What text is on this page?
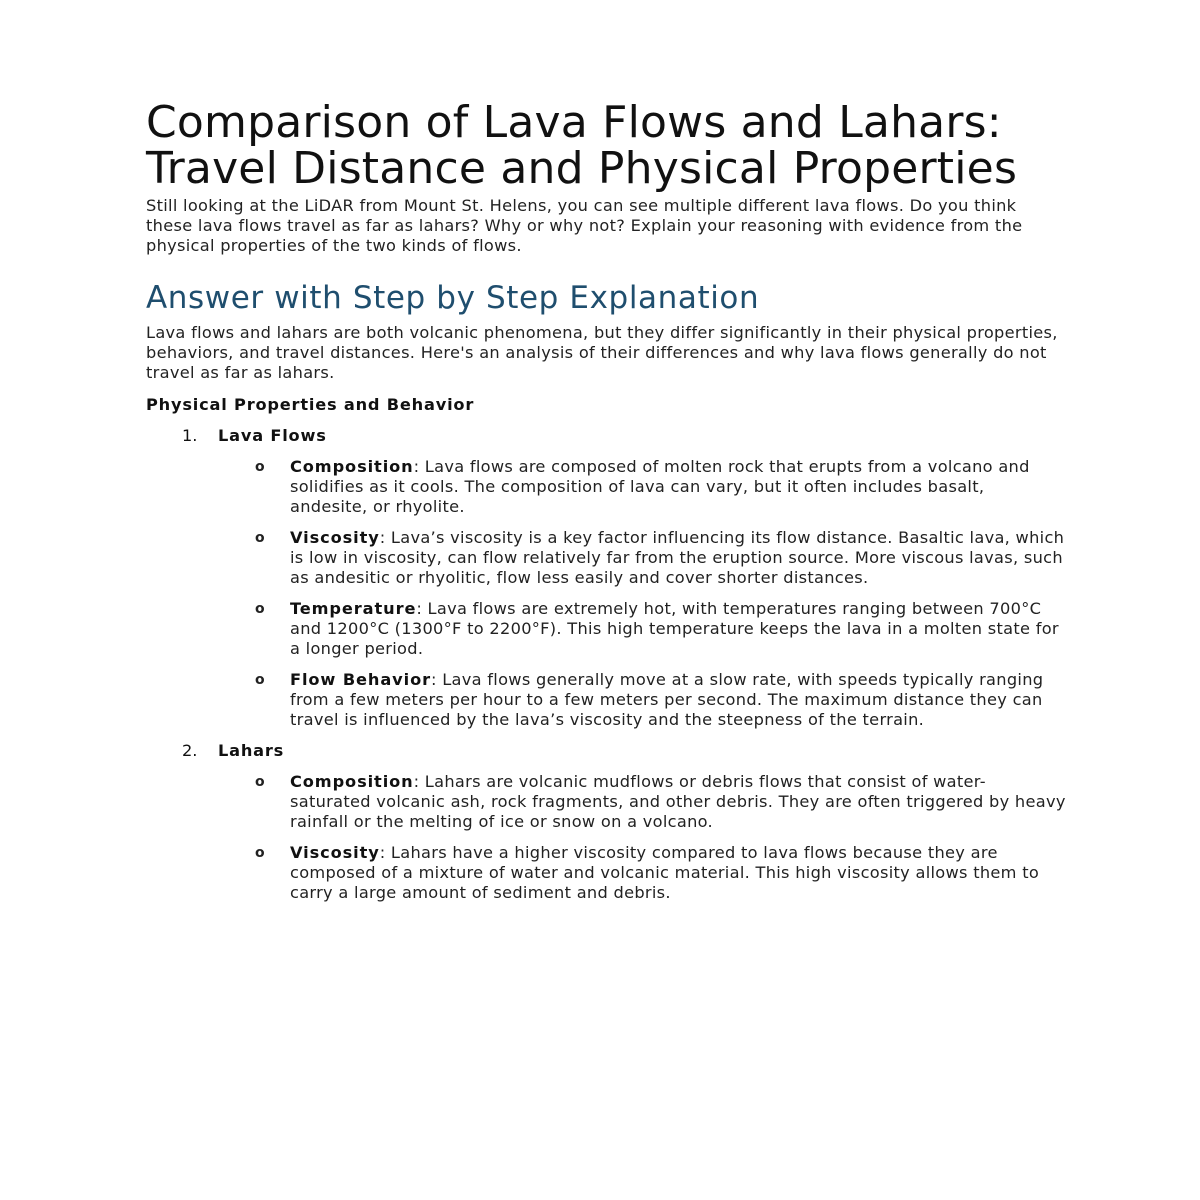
Comparison of Lava Flows and Lahars: Travel Distance and Physical Properties

Still looking at the LiDAR from Mount St. Helens, you can see multiple different lava flows. Do you think these lava flows travel as far as lahars? Why or why not? Explain your reasoning with evidence from the physical properties of the two kinds of flows.

Answer with Step by Step Explanation

Lava flows and lahars are both volcanic phenomena, but they differ significantly in their physical properties, behaviors, and travel distances. Here's an analysis of their differences and why lava flows generally do not travel as far as lahars.

Physical Properties and Behavior
1. Lava Flows
o Composition: Lava flows are composed of molten rock that erupts from a volcano and solidifies as it cools. The composition of lava can vary, but it often includes basalt, andesite, or rhyolite.
o Viscosity: Lava’s viscosity is a key factor influencing its flow distance. Basaltic lava, which is low in viscosity, can flow relatively far from the eruption source. More viscous lavas, such as andesitic or rhyolitic, flow less easily and cover shorter distances.
o Temperature: Lava flows are extremely hot, with temperatures ranging between 700°C and 1200°C (1300°F to 2200°F). This high temperature keeps the lava in a molten state for a longer period.
o Flow Behavior: Lava flows generally move at a slow rate, with speeds typically ranging from a few meters per hour to a few meters per second. The maximum distance they can travel is influenced by the lava’s viscosity and the steepness of the terrain.
2. Lahars
o Composition: Lahars are volcanic mudflows or debris flows that consist of water-saturated volcanic ash, rock fragments, and other debris. They are often triggered by heavy rainfall or the melting of ice or snow on a volcano.
o Viscosity: Lahars have a higher viscosity compared to lava flows because they are composed of a mixture of water and volcanic material. This high viscosity allows them to carry a large amount of sediment and debris.
